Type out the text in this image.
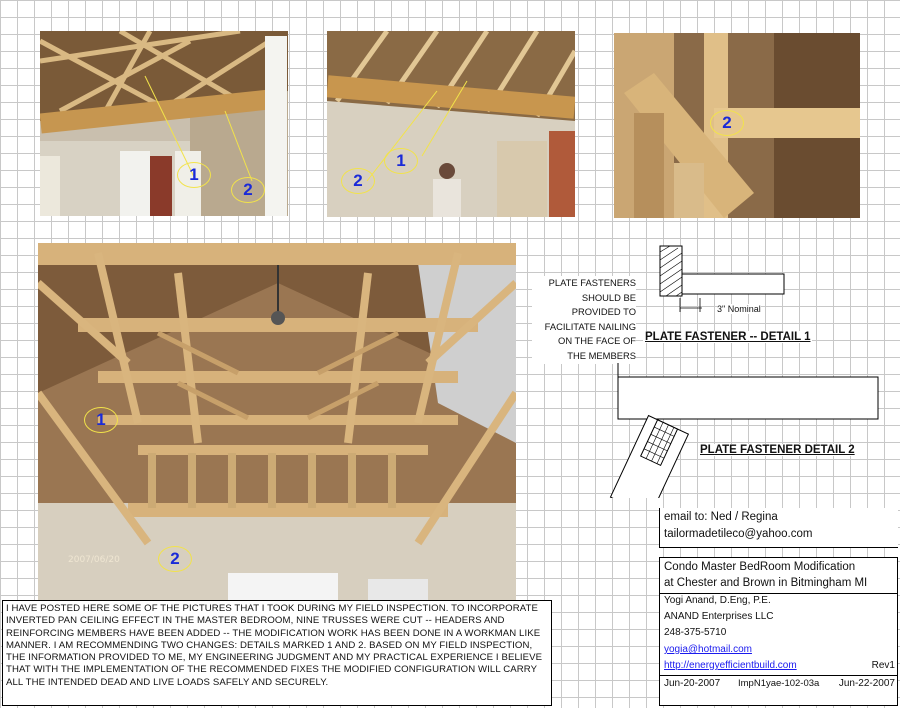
1
2	2
1
2
1
2
2007/06/20
PLATE FASTENERS
SHOULD BE
PROVIDED TO
FACILITATE NAILING
ON THE FACE OF
THE MEMBERS
3" Nominal
PLATE FASTENER -- DETAIL 1
PLATE FASTENER DETAIL 2
email to: Ned / Regina
tailormadetileco@yahoo.com
Condo Master BedRoom Modification
at Chester and Brown in Bitmingham MI
Yogi Anand, D.Eng, P.E.
ANAND Enterprises LLC
248-375-5710
yogia@hotmail.com
http://energyefficientbuild.com	Rev1
Jun-20-2007 ImpN1yae-102-03a Jun-22-2007
I HAVE POSTED HERE SOME OF THE PICTURES THAT I TOOK DURING MY FIELD INSPECTION. TO INCORPORATE INVERTED PAN CEILING EFFECT IN THE MASTER BEDROOM, NINE TRUSSES WERE CUT -- HEADERS AND REINFORCING MEMBERS HAVE BEEN ADDED -- THE MODIFICATION WORK HAS BEEN DONE IN A WORKMAN LIKE MANNER. I AM RECOMMENDING TWO CHANGES: DETAILS MARKED 1 AND 2. BASED ON MY FIELD INSPECTION, THE INFORMATION PROVIDED TO ME, MY ENGINEERING JUDGMENT AND MY PRACTICAL EXPERIENCE I BELIEVE THAT WITH THE IMPLEMENTATION OF THE RECOMMENDED FIXES THE MODIFIED CONFIGURATION WILL CARRY ALL THE INTENDED DEAD AND LIVE LOADS SAFELY AND SECURELY.
